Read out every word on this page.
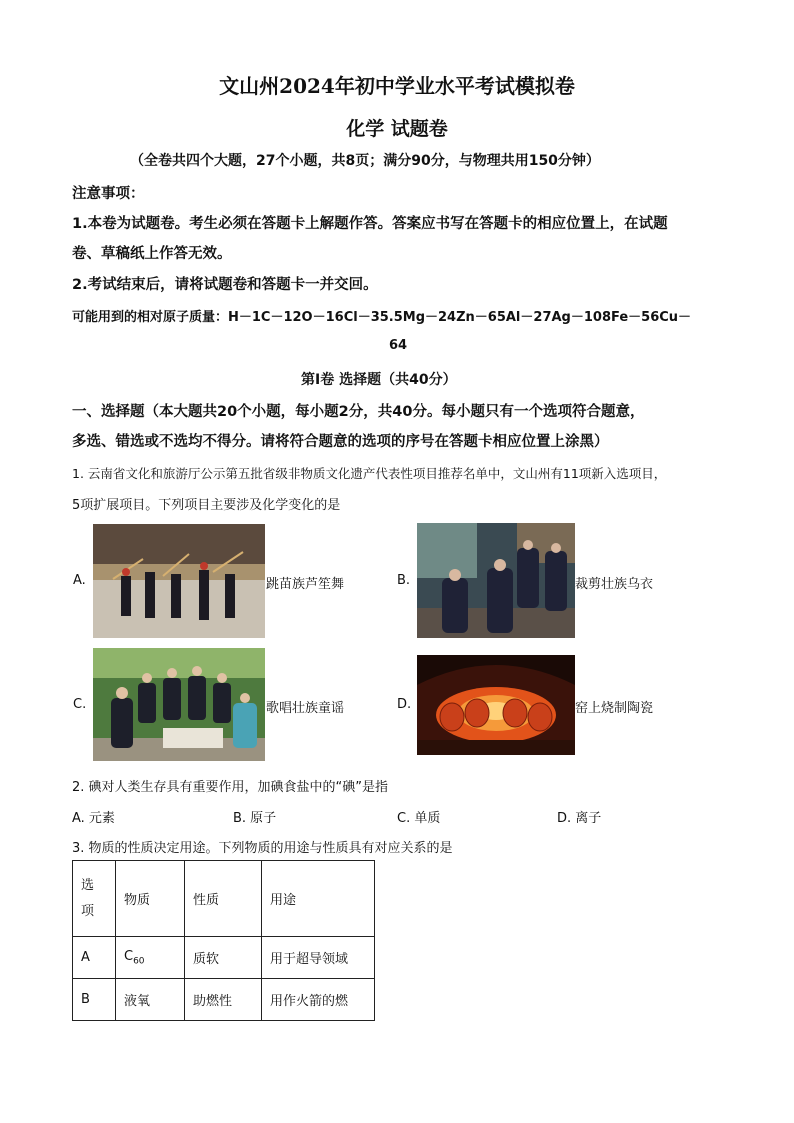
文山州2024年初中学业水平考试模拟卷
化学 试题卷
（全卷共四个大题，27个小题，共8页；满分90分，与物理共用150分钟）
注意事项：
1.本卷为试题卷。考生必须在答题卡上解题作答。答案应书写在答题卡的相应位置上，在试题
卷、草稿纸上作答无效。
2.考试结束后，请将试题卷和答题卡一并交回。
可能用到的相对原子质量：H－1C－12O－16Cl－35.5Mg－24Zn－65Al－27Ag－108Fe－56Cu－
64
第Ⅰ卷 选择题（共40分）
一、选择题（本大题共20个小题，每小题2分，共40分。每小题只有一个选项符合题意，
多选、错选或不选均不得分。请将符合题意的选项的序号在答题卡相应位置上涂黑）
1. 云南省文化和旅游厅公示第五批省级非物质文化遗产代表性项目推荐名单中，文山州有11项新入选项目，
5项扩展项目。下列项目主要涉及化学变化的是
A.	跳苗族芦笙舞	B.	裁剪壮族乌衣
C.	歌唱壮族童谣	D.	窑上烧制陶瓷
2. 碘对人类生存具有重要作用，加碘食盐中的“碘”是指
A. 元素	B. 原子	C. 单质	D. 离子
3. 物质的性质决定用途。下列物质的用途与性质具有对应关系的是
选
项	物质	性质	用途
A	$C_{60}$	质软	用于超导领域
B	液氧	助燃性	用作火箭的燃
